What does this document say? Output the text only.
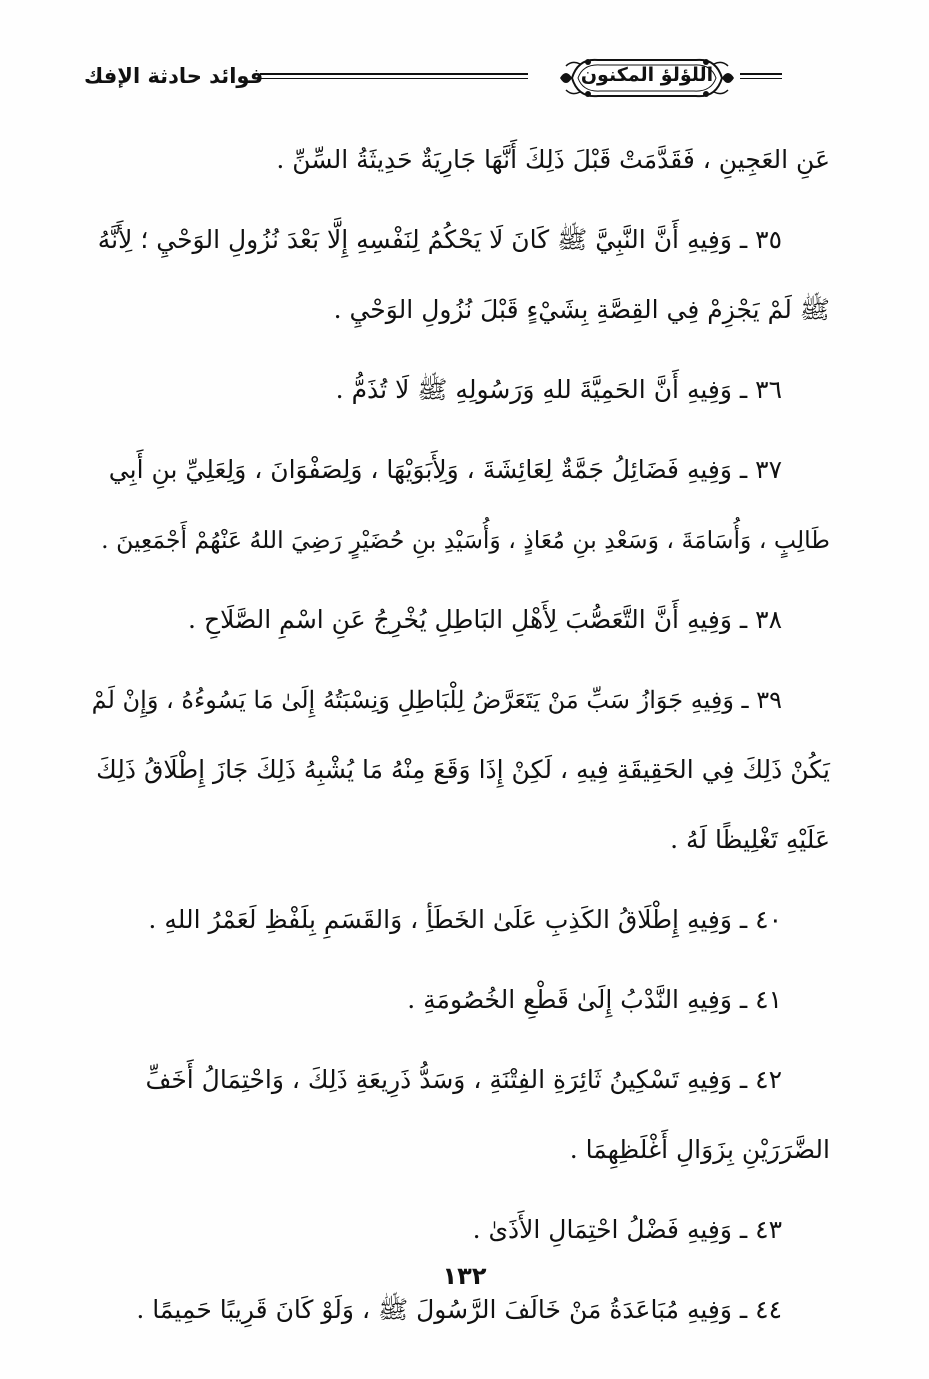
اللؤلؤ المكنون
فوائد حادثة الإفك
عَنِ العَجِينِ ، فَقَدَّمَتْ قَبْلَ ذَلِكَ أَنَّهَا جَارِيَةٌ حَدِيثَةُ السِّنِّ .
٣٥ ـ وَفِيهِ أَنَّ النَّبِيَّ ﷺ كَانَ لَا يَحْكُمُ لِنَفْسِهِ إِلَّا بَعْدَ نُزُولِ الوَحْيِ ؛ لِأَنَّهُ
ﷺ لَمْ يَجْزِمْ فِي القِصَّةِ بِشَيْءٍ قَبْلَ نُزُولِ الوَحْيِ .
٣٦ ـ وَفِيهِ أَنَّ الحَمِيَّةَ للهِ وَرَسُولِهِ ﷺ لَا تُذَمُّ .
٣٧ ـ وَفِيهِ فَضَائِلُ جَمَّةٌ لِعَائِشَةَ ، وَلِأَبَوَيْهَا ، وَلِصَفْوَانَ ، وَلِعَلِيِّ بنِ أَبِي
طَالِبٍ ، وَأُسَامَةَ ، وَسَعْدِ بنِ مُعَاذٍ ، وَأُسَيْدِ بنِ حُضَيْرٍ رَضِيَ اللهُ عَنْهُمْ أَجْمَعِينَ .
٣٨ ـ وَفِيهِ أَنَّ التَّعَصُّبَ لِأَهْلِ البَاطِلِ يُخْرِجُ عَنِ اسْمِ الصَّلَاحِ .
٣٩ ـ وَفِيهِ جَوَازُ سَبِّ مَنْ يَتَعَرَّضُ لِلْبَاطِلِ وَنِسْبَتُهُ إِلَىٰ مَا يَسُوءُهُ ، وَإِنْ لَمْ
يَكُنْ ذَلِكَ فِي الحَقِيقَةِ فِيهِ ، لَكِنْ إِذَا وَقَعَ مِنْهُ مَا يُشْبِهُ ذَلِكَ جَازَ إِطْلَاقُ ذَلِكَ
عَلَيْهِ تَغْلِيظًا لَهُ .
٤٠ ـ وَفِيهِ إِطْلَاقُ الكَذِبِ عَلَىٰ الخَطَأِ ، وَالقَسَمِ بِلَفْظِ لَعَمْرُ اللهِ .
٤١ ـ وَفِيهِ النَّدْبُ إِلَىٰ قَطْعِ الخُصُومَةِ .
٤٢ ـ وَفِيهِ تَسْكِينُ ثَائِرَةِ الفِتْنَةِ ، وَسَدُّ ذَرِيعَةِ ذَلِكَ ، وَاحْتِمَالُ أَخَفِّ
الضَّرَرَيْنِ بِزَوَالِ أَغْلَظِهِمَا .
٤٣ ـ وَفِيهِ فَضْلُ احْتِمَالِ الأَذَىٰ .
٤٤ ـ وَفِيهِ مُبَاعَدَةُ مَنْ خَالَفَ الرَّسُولَ ﷺ ، وَلَوْ كَانَ قَرِيبًا حَمِيمًا .
١٣٢
